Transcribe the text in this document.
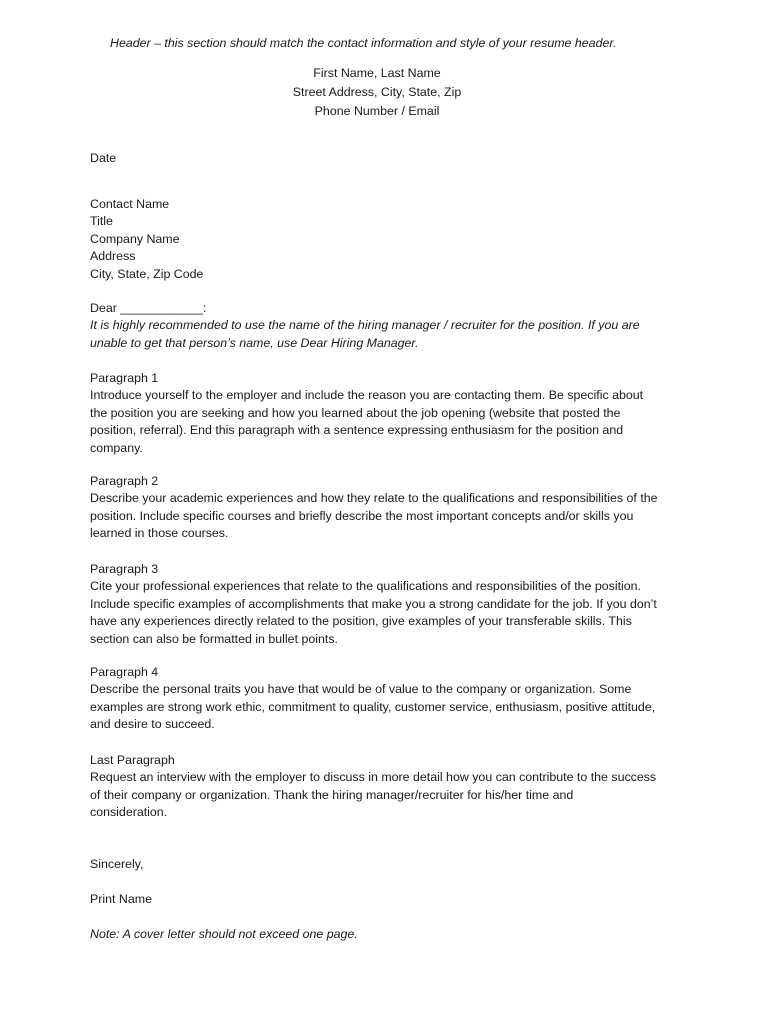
Header – this section should match the contact information and style of your resume header.
First Name, Last Name
Street Address, City, State, Zip
Phone Number / Email
Date
Contact Name
Title
Company Name
Address
City, State, Zip Code
Dear ____________:
It is highly recommended to use the name of the hiring manager / recruiter for the position. If you are
unable to get that person’s name, use Dear Hiring Manager.
Paragraph 1
Introduce yourself to the employer and include the reason you are contacting them. Be specific about
the position you are seeking and how you learned about the job opening (website that posted the
position, referral). End this paragraph with a sentence expressing enthusiasm for the position and
company.
Paragraph 2
Describe your academic experiences and how they relate to the qualifications and responsibilities of the
position. Include specific courses and briefly describe the most important concepts and/or skills you
learned in those courses.
Paragraph 3
Cite your professional experiences that relate to the qualifications and responsibilities of the position.
Include specific examples of accomplishments that make you a strong candidate for the job. If you don’t
have any experiences directly related to the position, give examples of your transferable skills. This
section can also be formatted in bullet points.
Paragraph 4
Describe the personal traits you have that would be of value to the company or organization. Some
examples are strong work ethic, commitment to quality, customer service, enthusiasm, positive attitude,
and desire to succeed.
Last Paragraph
Request an interview with the employer to discuss in more detail how you can contribute to the success
of their company or organization. Thank the hiring manager/recruiter for his/her time and
consideration.
Sincerely,
Print Name
Note: A cover letter should not exceed one page.
